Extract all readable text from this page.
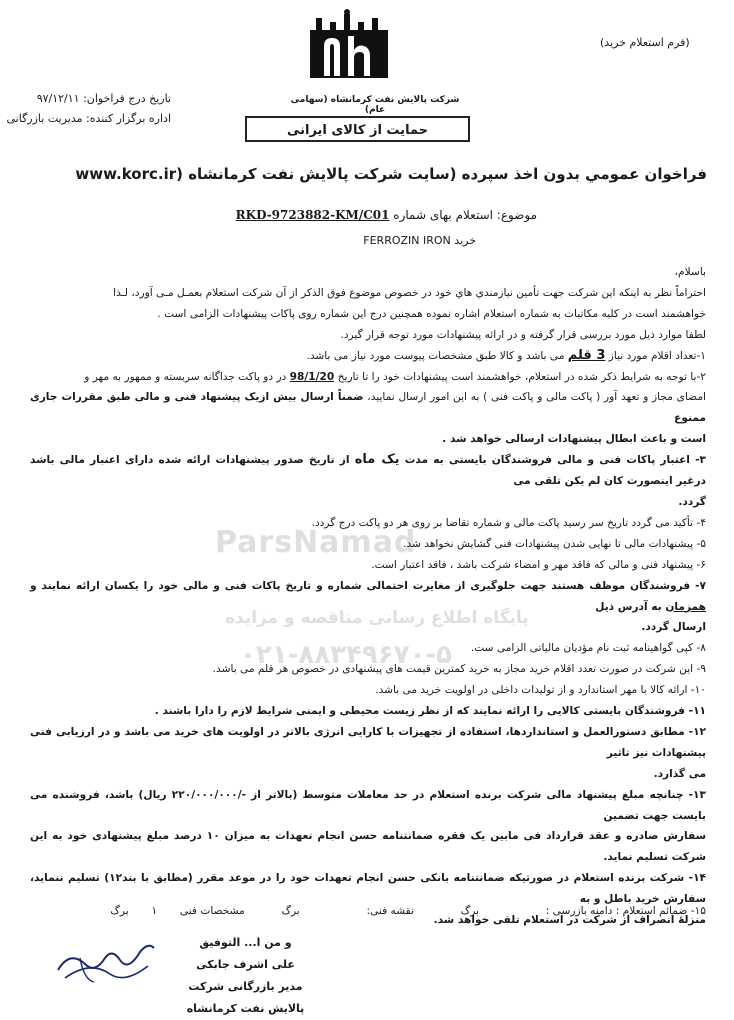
(فرم استعلام خرید)
شرکت پالایش نفت کرمانشاه (سهامی عام)
حمایت از کالای ایرانی
تاریخ درج فراخوان: ۹۷/۱۲/۱۱
اداره برگزار کننده: مدیریت بازرگانی
فراخوان عمومي بدون اخذ سپرده (سايت شركت پالايش نفت كرمانشاه (www.korc.ir
موضوع: استعلام بهای شماره RKD-9723882-KM/C01
خرید FERROZIN IRON

باسلام،

احتراماً نظر به اینکه این شرکت جهت تأمین نیازمندي هاي خود در خصوص موضوع فوق الذکر از آن شرکت استعلام بعمـل مـی آورد، لـذا

خواهشمند است در کلیه مکاتبات به شماره استعلام اشاره نموده همچنین درج این شماره روی پاکات پیشنهادات الزامی است .

لطفا موارد ذیل مورد بررسی قرار گرفته و در ارائه پیشنهادات مورد توجه قرار گیرد.

۱-تعداد اقلام مورد نیاز 3 قلم می باشد و کالا طبق مشخصات پیوست مورد نیاز می باشد.

۲-با توجه به شرایط ذکر شده در استعلام، خواهشمند است پیشنهادات خود را تا تاریخ 98/1/20 در دو پاکت جداگانه سربسته و ممهور به مهر و

امضای مجاز و تعهد آور ( پاکت مالی و پاکت فنی ) به این امور ارسال نمایید، ضمناً ارسال بیش ازیک پیشنهاد فنی و مالی طبق مقررات جاری ممنوع

است و باعث ابطال پیشنهادات ارسالی خواهد شد .

۳- اعتبار پاکات فنی و مالی فروشندگان بایستی به مدت یک ماه از تاریخ صدور پیشنهادات ارائه شده دارای اعتبار مالی باشد درغیر اینصورت کان لم یکن تلقی می

گردد.

۴- تأکید می گردد تاریخ سر رسید پاکت مالی و شماره تقاضا بر روی هر دو پاکت درج گردد.

۵- پیشنهادات مالی تا نهایی شدن پیشنهادات فنی گشایش نخواهد شد.

۶- پیشنهاد فنی و مالی که فاقد مهر و امضاء شرکت باشد ، فاقد اعتبار است.

۷- فروشندگان موظف هستند جهت جلوگیری از مغایرت احتمالی شماره و تاریخ پاکات فنی و مالی خود را یکسان ارائه نمایند و همزمان به آدرس ذیل

ارسال گردد.

۸- کپی گواهینامه ثبت نام مؤدیان مالیاتی الزامی ست.

۹- این شرکت در صورت تعدد اقلام خرید مجاز به خرید کمترین قیمت های پیشنهادی در خصوص هر قلم می باشد.

۱۰- ارائه کالا با مهر استاندارد و از تولیدات داخلی در اولویت خرید می باشد.

۱۱- فروشندگان بایستی کالایی را ارائه نمایند که از نظر زیست محیطی و ایمنی شرایط لازم را دارا باشند .

۱۲- مطابق دستورالعمل و استانداردها، استفاده از تجهیزات با کارایی انرژی بالاتر در اولویت های خرید می باشد و در ارزیابی فنی پیشنهادات نیز تاثیر

می گذارد.

۱۳- چنانچه مبلغ پیشنهاد مالی شرکت برنده استعلام در حد معاملات متوسط (بالاتر از -/۲۲۰/۰۰۰/۰۰۰ ریال) باشد، فروشنده می بایست جهت تضمین

سفارش صادره و عقد قرارداد فی مابین یک فقره ضمانتنامه حسن انجام تعهدات به میزان ۱۰ درصد مبلغ پیشنهادی خود به این شرکت تسلیم نماید.

۱۴- شرکت برنده استعلام در صورتیکه ضمانتنامه بانکی حسن انجام تعهدات خود را در موعد مقرر (مطابق با بند۱۲) تسلیم ننماید، سفارش خرید باطل و به

منزلهٔ انصراف از شرکت در استعلام تلقی خواهد شد.

۱۵- ضمائم استعلام : دامنه بازرسی :  برگ  نقشه فنی:  برگ  مشخصات فنی  ۱  برگ
و من ا... التوفیق
علی اشرف جابکی
مدیر بازرگانی شرکت پالایش نفت کرمانشاه
ParsNamad
پایگاه اطلاع رسانی مناقصه و مزایده
۰۲۱-۸۸۳۴۹۶۷۰-۵
